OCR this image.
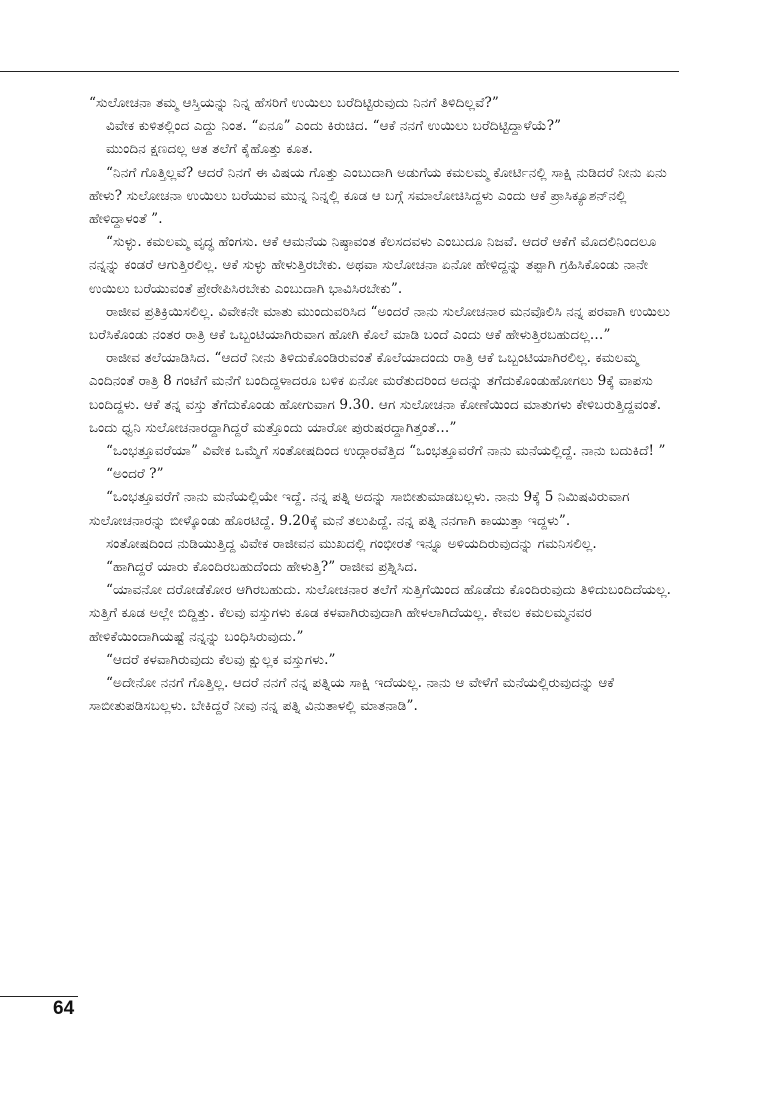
“ಸುಲೋಚನಾ ತಮ್ಮ ಆಸ್ತಿಯನ್ನು ನಿನ್ನ ಹೆಸರಿಗೆ ಉಯಿಲು ಬರೆದಿಟ್ಟಿರುವುದು ನಿನಗೆ ತಿಳಿದಿಲ್ಲವೆ?”

ವಿವೇಕ ಕುಳಿತಲ್ಲಿಂದ ಎದ್ದು ನಿಂತ. “ಏನೂ” ಎಂದು ಕಿರುಚಿದ. “ಆಕೆ ನನಗೆ ಉಯಿಲು ಬರೆದಿಟ್ಟಿದ್ದಾಳೆಯೆ?”

ಮುಂದಿನ ಕ್ಷಣದಲ್ಲ ಆತ ತಲೆಗೆ ಕೈಹೊತ್ತು ಕೂತ.

“ನಿನಗೆ ಗೊತ್ತಿಲ್ಲವೆ? ಆದರೆ ನಿನಗೆ ಈ ವಿಷಯ ಗೊತ್ತು ಎಂಬುದಾಗಿ ಅಡುಗೆಯ ಕಮಲಮ್ಮ ಕೋರ್ಟಿನಲ್ಲಿ ಸಾಕ್ಷಿ ನುಡಿದರೆ ನೀನು ಏನು ಹೇಳು? ಸುಲೋಚನಾ ಉಯಿಲು ಬರೆಯುವ ಮುನ್ನ ನಿನ್ನಲ್ಲಿ ಕೂಡ ಆ ಬಗ್ಗೆ ಸಮಾಲೋಚಿಸಿದ್ದಳು ಎಂದು ಆಕೆ ಪ್ರಾಸಿಕ್ಯೂಶನ್‌ನಲ್ಲಿ ಹೇಳಿದ್ದಾಳಂತೆ ”.

“ಸುಳ್ಳು. ಕಮಲಮ್ಮ ವೃದ್ಧ ಹೆಂಗಸು. ಆಕೆ ಆಮನೆಯ ನಿಷ್ಠಾವಂತ ಕೆಲಸದವಳು ಎಂಬುದೂ ನಿಜವೆ. ಆದರೆ ಆಕೆಗೆ ಮೊದಲಿನಿಂದಲೂ ನನ್ನನ್ನು ಕಂಡರೆ ಆಗುತ್ತಿರಲಿಲ್ಲ. ಆಕೆ ಸುಳ್ಳು ಹೇಳುತ್ತಿರಬೇಕು. ಅಥವಾ ಸುಲೋಚನಾ ಏನೋ ಹೇಳಿದ್ದನ್ನು ತಪ್ಪಾಗಿ ಗ್ರಹಿಸಿಕೊಂಡು ನಾನೇ ಉಯಿಲು ಬರೆಯುವಂತೆ ಪ್ರೇರೇಪಿಸಿರಬೇಕು ಎಂಬುದಾಗಿ ಭಾವಿಸಿರಬೇಕು”.

ರಾಜೀವ ಪ್ರತಿಕ್ರಿಯಿಸಲಿಲ್ಲ. ವಿವೇಕನೇ ಮಾತು ಮುಂದುವರಿಸಿದ “ಅಂದರೆ ನಾನು ಸುಲೋಚನಾರ ಮನವೊಲಿಸಿ ನನ್ನ ಪರವಾಗಿ ಉಯಿಲು ಬರೆಸಿಕೊಂಡು ನಂತರ ರಾತ್ರಿ ಆಕೆ ಒಬ್ಬಂಟಿಯಾಗಿರುವಾಗ ಹೋಗಿ ಕೊಲೆ ಮಾಡಿ ಬಂದೆ ಎಂದು ಆಕೆ ಹೇಳುತ್ತಿರಬಹುದಲ್ಲ…”

ರಾಜೀವ ತಲೆಯಾಡಿಸಿದ. “ಆದರೆ ನೀನು ತಿಳಿದುಕೊಂಡಿರುವಂತೆ ಕೊಲೆಯಾದಂದು ರಾತ್ರಿ ಆಕೆ ಒಬ್ಬಂಟಿಯಾಗಿರಲಿಲ್ಲ. ಕಮಲಮ್ಮ ಎಂದಿನಂತೆ ರಾತ್ರಿ 8 ಗಂಟೆಗೆ ಮನೆಗೆ ಬಂದಿದ್ದಳಾದರೂ ಬಳಿಕ ಏನೋ ಮರೆತುದರಿಂದ ಅದನ್ನು ತಗೆದುಕೊಂಡುಹೋಗಲು 9ಕ್ಕೆ ವಾಪಸು ಬಂದಿದ್ದಳು. ಆಕೆ ತನ್ನ ವಸ್ತು ತೆಗೆದುಕೊಂಡು ಹೋಗುವಾಗ 9.30. ಆಗ ಸುಲೋಚನಾ ಕೋಣೆಯಿಂದ ಮಾತುಗಳು ಕೇಳಿಬರುತ್ತಿದ್ದವಂತೆ. ಒಂದು ಧ್ವನಿ ಸುಲೋಚನಾರದ್ದಾಗಿದ್ದರೆ ಮತ್ತೊಂದು ಯಾರೋ ಪುರುಷರದ್ದಾಗಿತ್ತಂತೆ…”

“ಒಂಭತ್ತೂವರೆಯಾ” ವಿವೇಕ ಒಮ್ಮೆಗೆ ಸಂತೋಷದಿಂದ ಉದ್ಗಾರವೆತ್ತಿದ “ಒಂಭತ್ತೂವರೆಗೆ ನಾನು ಮನೆಯಲ್ಲಿದ್ದೆ. ನಾನು ಬದುಕಿದೆ! ”

“ಅಂದರೆ ?”

“ಒಂಭತ್ತೂವರೆಗೆ ನಾನು ಮನೆಯಲ್ಲಿಯೇ ಇದ್ದೆ. ನನ್ನ ಪತ್ನಿ ಅದನ್ನು ಸಾಬೀತುಮಾಡಬಲ್ಲಳು. ನಾನು 9ಕ್ಕೆ 5 ನಿಮಿಷವಿರುವಾಗ ಸುಲೋಚನಾರನ್ನು ಬೀಳ್ಕೊಂಡು ಹೊರಟಿದ್ದೆ. 9.20ಕ್ಕೆ ಮನೆ ತಲುಪಿದ್ದೆ. ನನ್ನ ಪತ್ನಿ ನನಗಾಗಿ ಕಾಯುತ್ತಾ ಇದ್ದಳು”.

ಸಂತೋಷದಿಂದ ನುಡಿಯುತ್ತಿದ್ದ ವಿವೇಕ ರಾಜೀವನ ಮುಖದಲ್ಲಿ ಗಂಭೀರತೆ ಇನ್ನೂ ಅಳಿಯದಿರುವುದನ್ನು ಗಮನಿಸಲಿಲ್ಲ.

“ಹಾಗಿದ್ದರೆ ಯಾರು ಕೊಂದಿರಬಹುದೆಂದು ಹೇಳುತ್ತಿ?” ರಾಜೀವ ಪ್ರಶ್ನಿಸಿದ.

“ಯಾವನೋ ದರೋಡೆಕೋರ ಆಗಿರಬಹುದು. ಸುಲೋಚನಾರ ತಲೆಗೆ ಸುತ್ತಿಗೆಯಿಂದ ಹೊಡೆದು ಕೊಂದಿರುವುದು ತಿಳಿದುಬಂದಿದೆಯಲ್ಲ. ಸುತ್ತಿಗೆ ಕೂಡ ಅಲ್ಲೇ ಬಿದ್ದಿತ್ತು. ಕೆಲವು ವಸ್ತುಗಳು ಕೂಡ ಕಳವಾಗಿರುವುದಾಗಿ ಹೇಳಲಾಗಿದೆಯಲ್ಲ. ಕೇವಲ ಕಮಲಮ್ಮನವರ ಹೇಳಿಕೆಯಿಂದಾಗಿಯಷ್ಟೆ ನನ್ನನ್ನು ಬಂಧಿಸಿರುವುದು.”

“ಆದರೆ ಕಳವಾಗಿರುವುದು ಕೆಲವು ಕ್ಷುಲ್ಲಕ ವಸ್ತುಗಳು.”

“ಅದೇನೋ ನನಗೆ ಗೊತ್ತಿಲ್ಲ. ಆದರೆ ನನಗೆ ನನ್ನ ಪತ್ನಿಯ ಸಾಕ್ಷಿ ಇದೆಯಲ್ಲ. ನಾನು ಆ ವೇಳೆಗೆ ಮನೆಯಲ್ಲಿರುವುದನ್ನು ಆಕೆ ಸಾಬೀತುಪಡಿಸಬಲ್ಲಳು. ಬೇಕಿದ್ದರೆ ನೀವು ನನ್ನ ಪತ್ನಿ ವಿನುತಾಳಲ್ಲಿ ಮಾತನಾಡಿ”.

64
